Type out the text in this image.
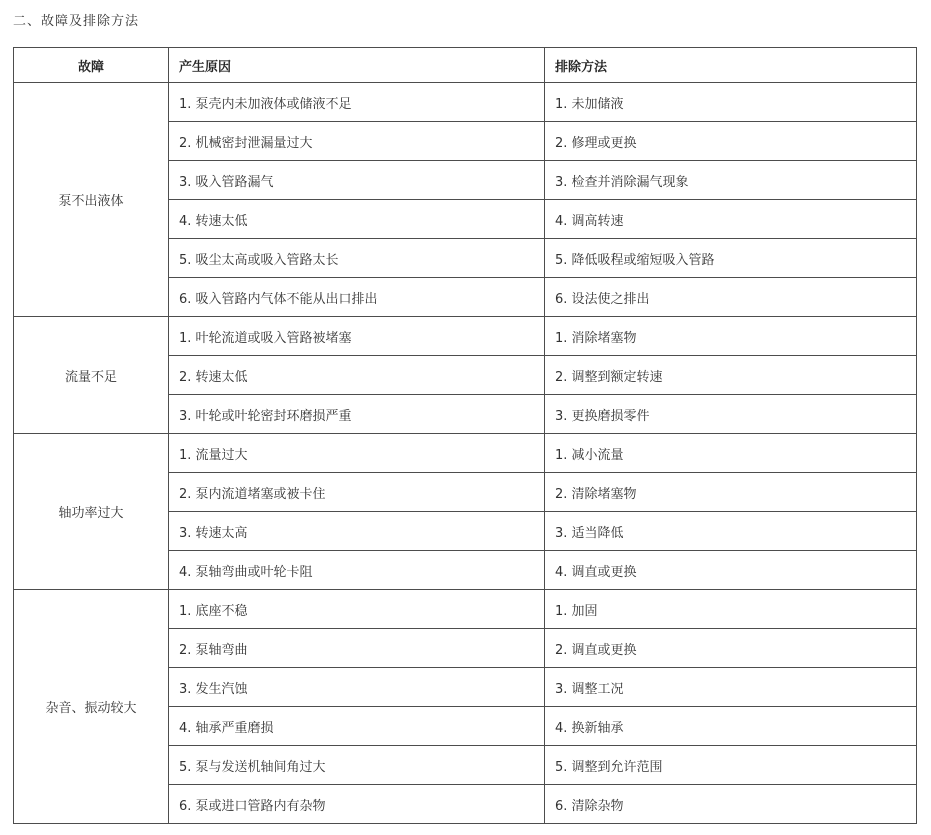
二、故障及排除方法
故障	产生原因	排除方法
泵不出液体	1. 泵壳内未加液体或储液不足	1. 未加储液
	2. 机械密封泄漏量过大	2. 修理或更换
	3. 吸入管路漏气	3. 检查并消除漏气现象
	4. 转速太低	4. 调高转速
	5. 吸尘太高或吸入管路太长	5. 降低吸程或缩短吸入管路
	6. 吸入管路内气体不能从出口排出	6. 设法使之排出
流量不足	1. 叶轮流道或吸入管路被堵塞	1. 消除堵塞物
	2. 转速太低	2. 调整到额定转速
	3. 叶轮或叶轮密封环磨损严重	3. 更换磨损零件
轴功率过大	1. 流量过大	1. 减小流量
	2. 泵内流道堵塞或被卡住	2. 清除堵塞物
	3. 转速太高	3. 适当降低
	4. 泵轴弯曲或叶轮卡阻	4. 调直或更换
杂音、振动较大	1. 底座不稳	1. 加固
	2. 泵轴弯曲	2. 调直或更换
	3. 发生汽蚀	3. 调整工况
	4. 轴承严重磨损	4. 换新轴承
	5. 泵与发送机轴间角过大	5. 调整到允许范围
	6. 泵或进口管路内有杂物	6. 清除杂物
